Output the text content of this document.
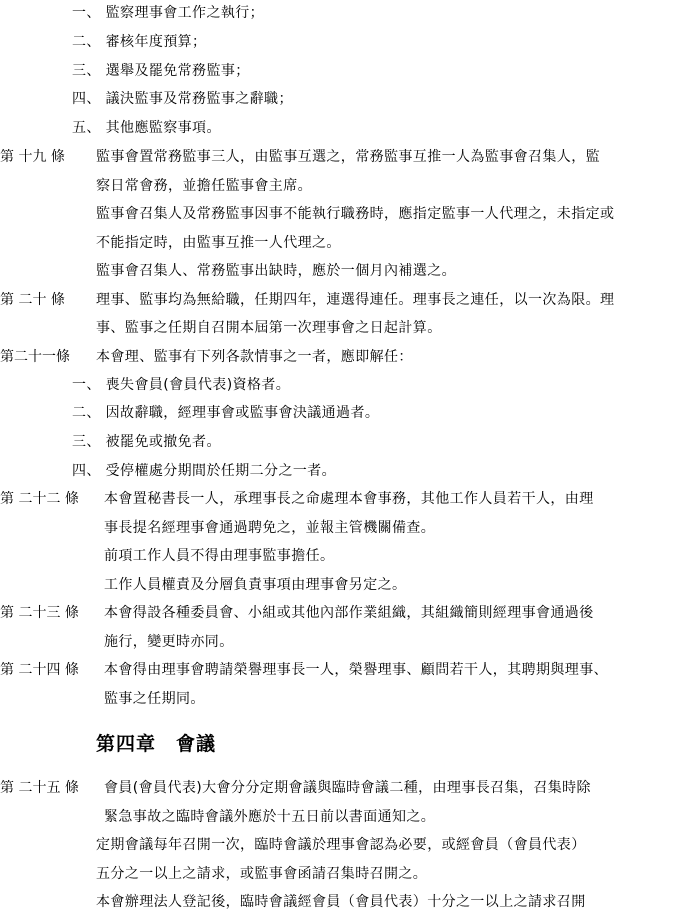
一、 監察理事會工作之執行；
二、 審核年度預算；
三、 選舉及罷免常務監事；
四、 議決監事及常務監事之辭職；
五、 其他應監察事項。
第 十九 條 監事會置常務監事三人，由監事互選之，常務監事互推一人為監事會召集人，監
察日常會務，並擔任監事會主席。
監事會召集人及常務監事因事不能執行職務時，應指定監事一人代理之，未指定或
不能指定時，由監事互推一人代理之。
監事會召集人、常務監事出缺時，應於一個月內補選之。
第 二十 條 理事、監事均為無給職，任期四年，連選得連任。理事長之連任，以一次為限。理
事、監事之任期自召開本屆第一次理事會之日起計算。
第二十一條 本會理、監事有下列各款情事之一者，應即解任：
一、 喪失會員(會員代表)資格者。
二、 因故辭職，經理事會或監事會決議通過者。
三、 被罷免或撤免者。
四、 受停權處分期間於任期二分之一者。
第 二十二 條 本會置秘書長一人，承理事長之命處理本會事務，其他工作人員若干人，由理
事長提名經理事會通過聘免之，並報主管機關備查。
前項工作人員不得由理事監事擔任。
工作人員權責及分層負責事項由理事會另定之。
第 二十三 條 本會得設各種委員會、小組或其他內部作業組織，其組織簡則經理事會通過後
施行，變更時亦同。
第 二十四 條 本會得由理事會聘請榮譽理事長一人，榮譽理事、顧問若干人，其聘期與理事、
監事之任期同。
第四章　會議
第 二十五 條 會員(會員代表)大會分分定期會議與臨時會議二種，由理事長召集，召集時除
緊急事故之臨時會議外應於十五日前以書面通知之。
定期會議每年召開一次，臨時會議於理事會認為必要，或經會員（會員代表）
五分之一以上之請求，或監事會函請召集時召開之。
本會辦理法人登記後，臨時會議經會員（會員代表）十分之一以上之請求召開
